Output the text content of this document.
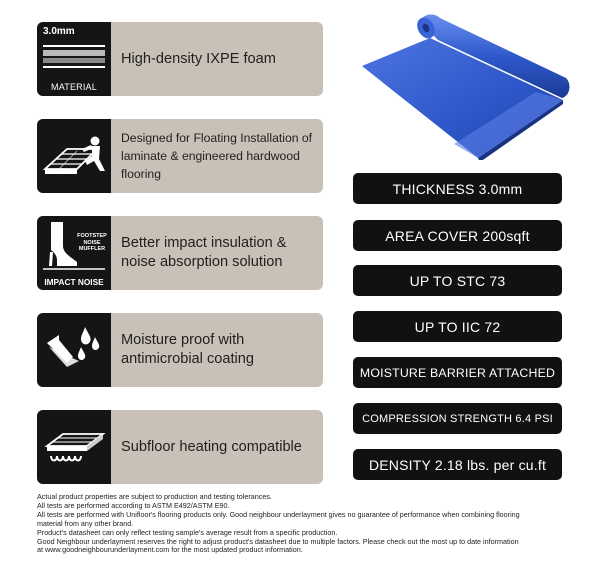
3.0mm
MATERIAL
High-density IXPE foam
Designed for Floating Installation of laminate & engineered hardwood flooring
FOOTSTEP NOISE MUFFLER
IMPACT NOISE
Better impact insulation & noise absorption solution
Moisture proof with antimicrobial coating
Subfloor heating compatible
THICKNESS 3.0mm
AREA COVER 200sqft
UP TO STC 73
UP TO IIC 72
MOISTURE BARRIER ATTACHED
COMPRESSION STRENGTH 6.4 PSI
DENSITY 2.18 lbs. per cu.ft
Actual product properties are subject to production and testing tolerances.
All tests are performed according to ASTM E492/ASTM E90.
All tests are performed with Unifloor's flooring products only. Good neighbour underlayment gives no guarantee of performance when combining flooring
material from any other brand.
Product's datasheet can only reflect testing sample's average result from a specific production.
Good Neighbour underlayment reserves the right to adjust product's datasheet due to multiple factors. Please check out the most up to date information
at www.goodneighbourunderlayment.com for the most updated product information.
